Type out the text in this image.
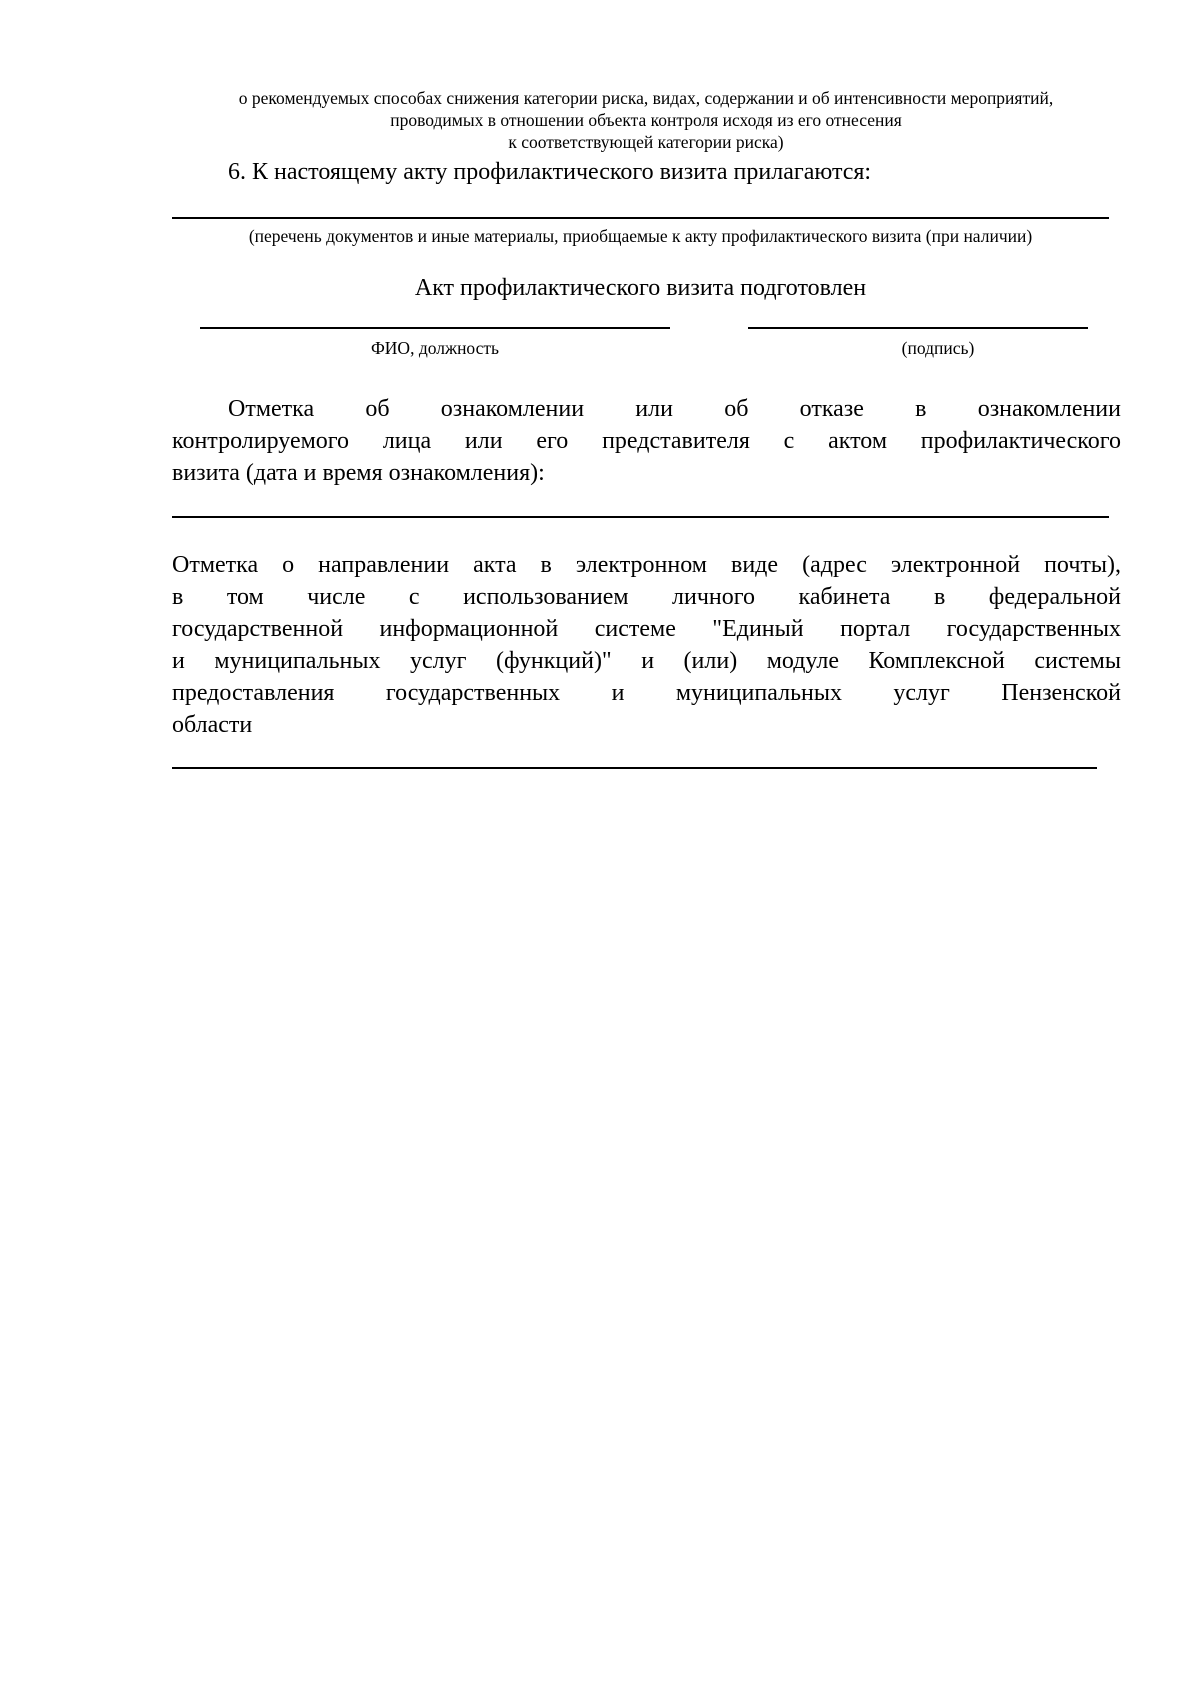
о рекомендуемых способах снижения категории риска, видах, содержании и об интенсивности мероприятий,
проводимых в отношении объекта контроля исходя из его отнесения
к соответствующей категории риска)
6. К настоящему акту профилактического визита прилагаются:
(перечень документов и иные материалы, приобщаемые к акту профилактического визита (при наличии)
Акт профилактического визита подготовлен
ФИО, должность	(подпись)
Отметка об ознакомлении или об отказе в ознакомлении
контролируемого лица или его представителя с актом профилактического
визита (дата и время ознакомления):
Отметка о направлении акта в электронном виде (адрес электронной почты),
в том числе с использованием личного кабинета в федеральной
государственной информационной системе "Единый портал государственных
и муниципальных услуг (функций)" и (или) модуле Комплексной системы
предоставления государственных и муниципальных услуг Пензенской
области
